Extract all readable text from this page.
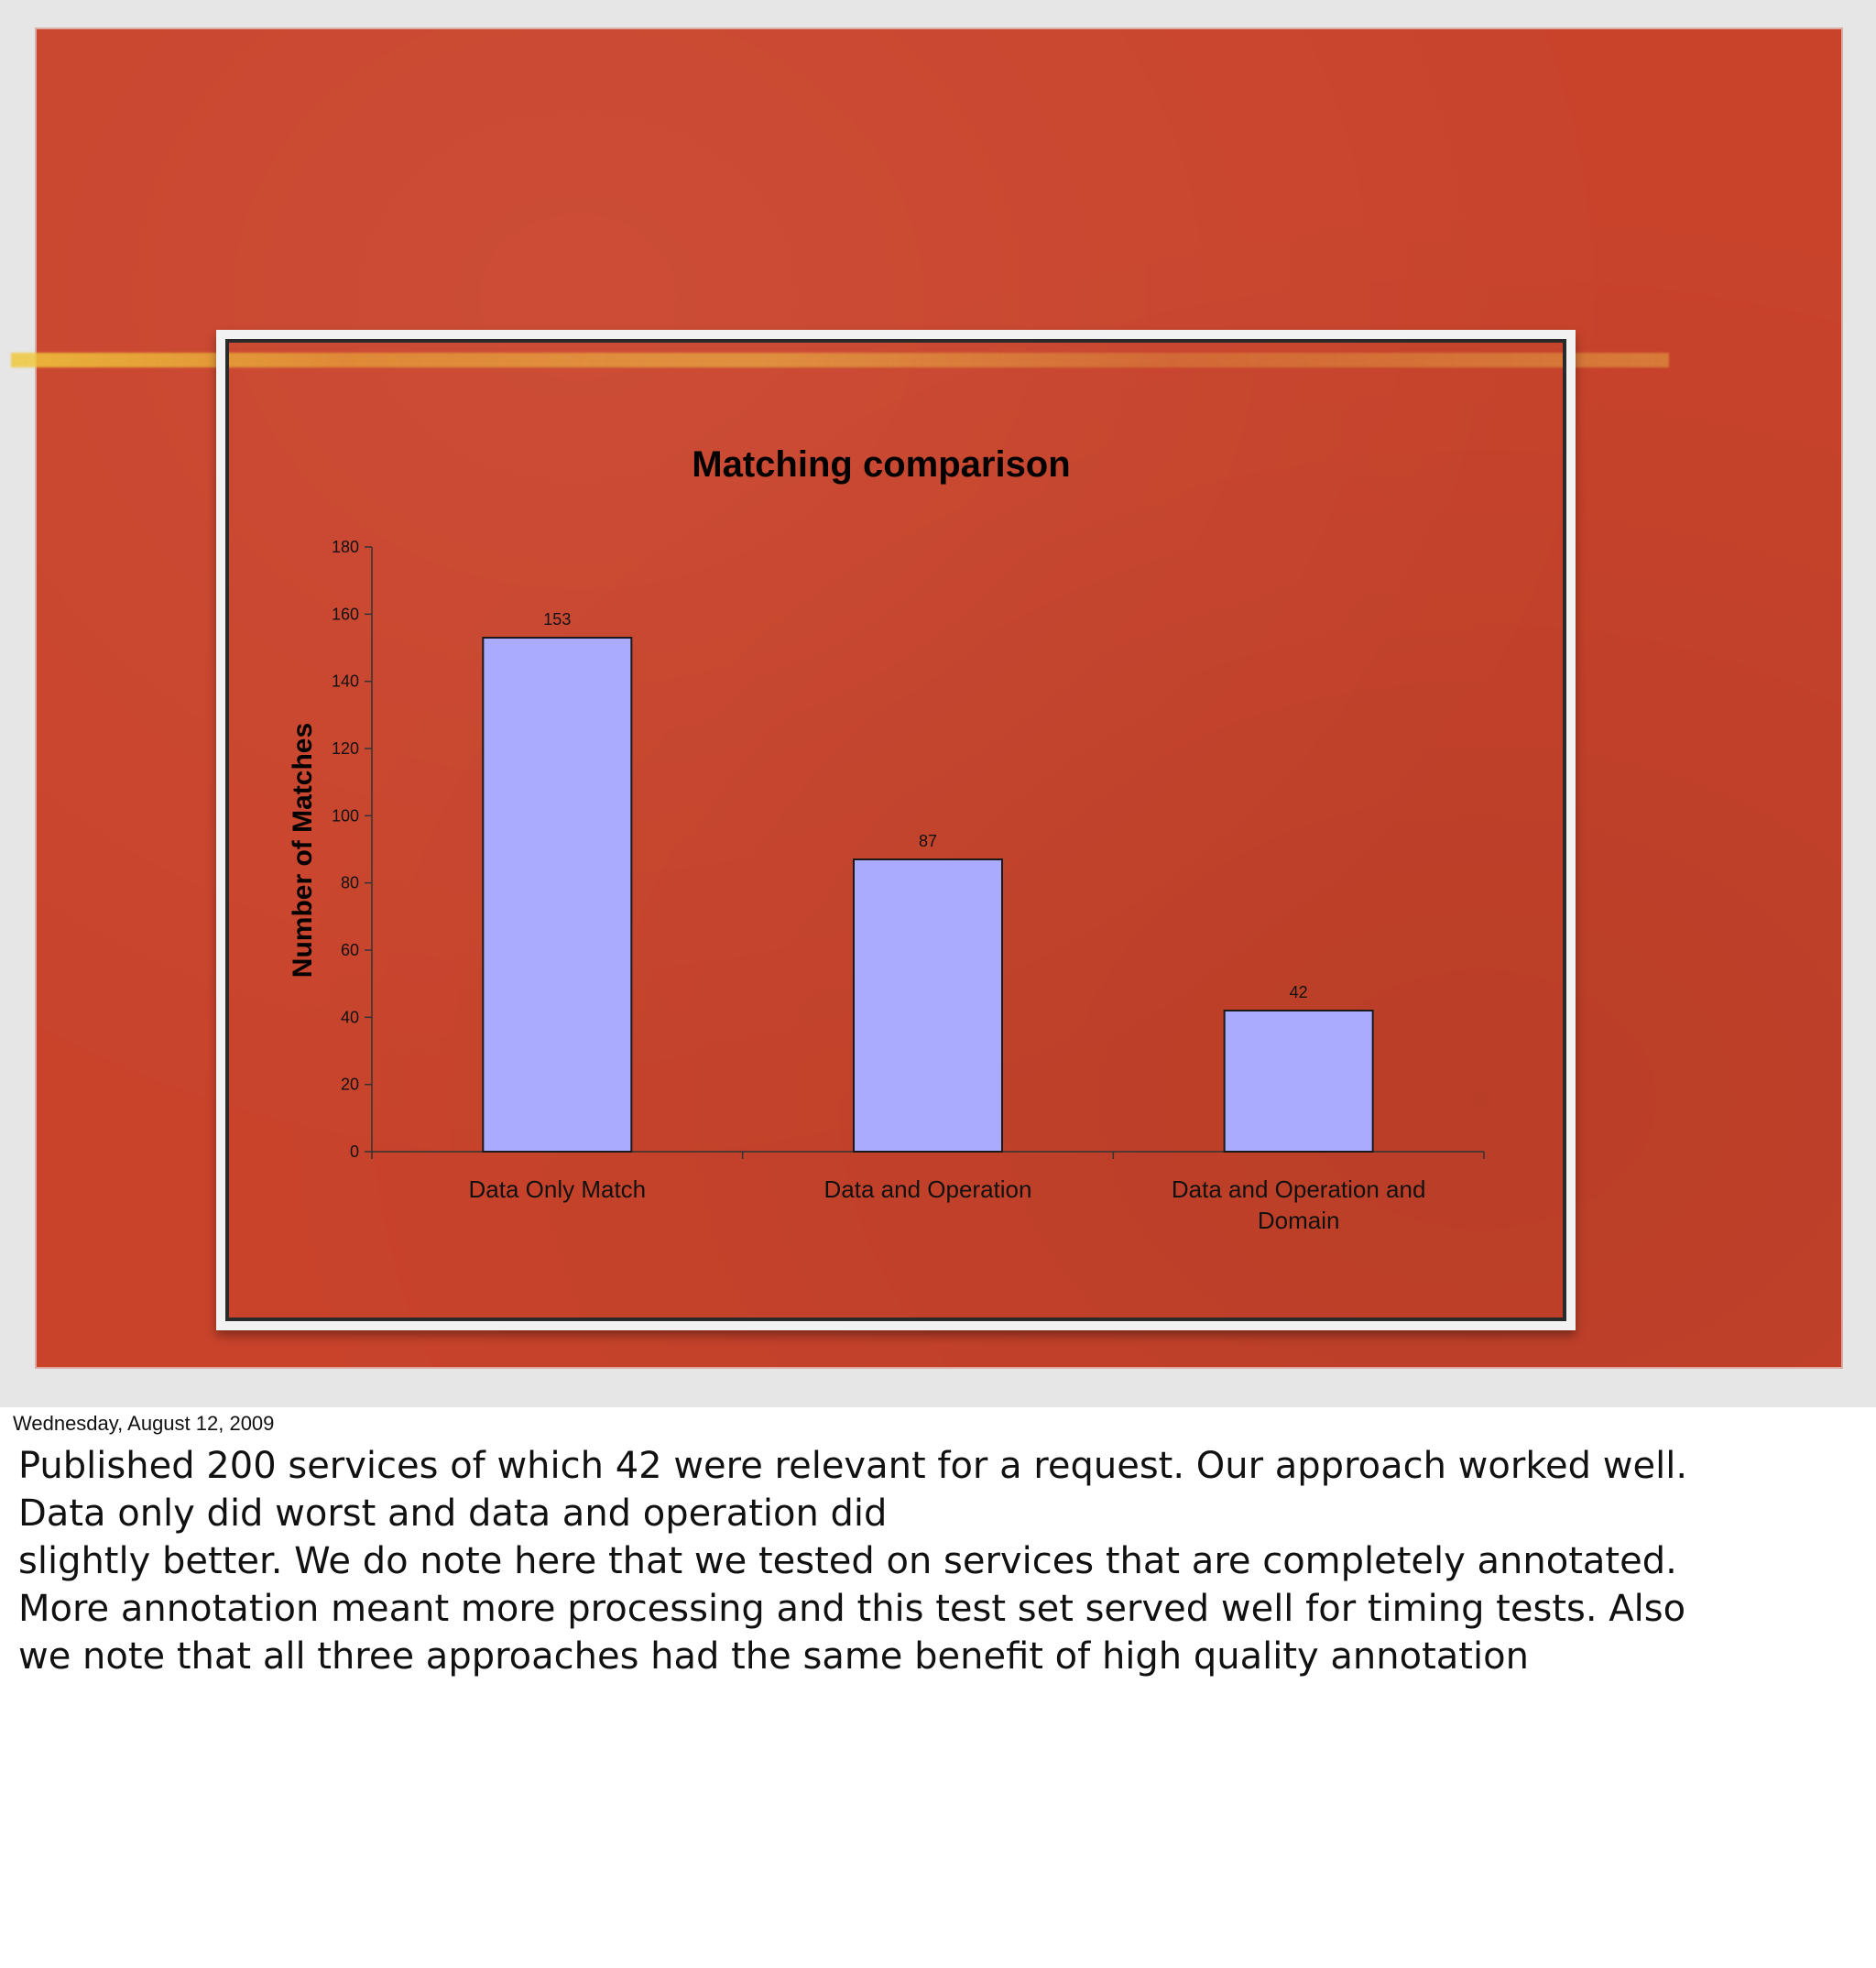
Matching comparison
Number of Matches
0
20
40
60
80
100
120
140
160
180
153
Data Only Match
87
Data and Operation
42
Data and Operation and
Domain
Wednesday, August 12, 2009

Published 200 services of which 42 were relevant for a request. Our approach worked well.

Data only did worst and data and operation did

slightly better. We do note here that we tested on services that are completely annotated.

More annotation meant more processing and this test set served well for timing tests. Also

we note that all three approaches had the same benefit of high quality annotation
